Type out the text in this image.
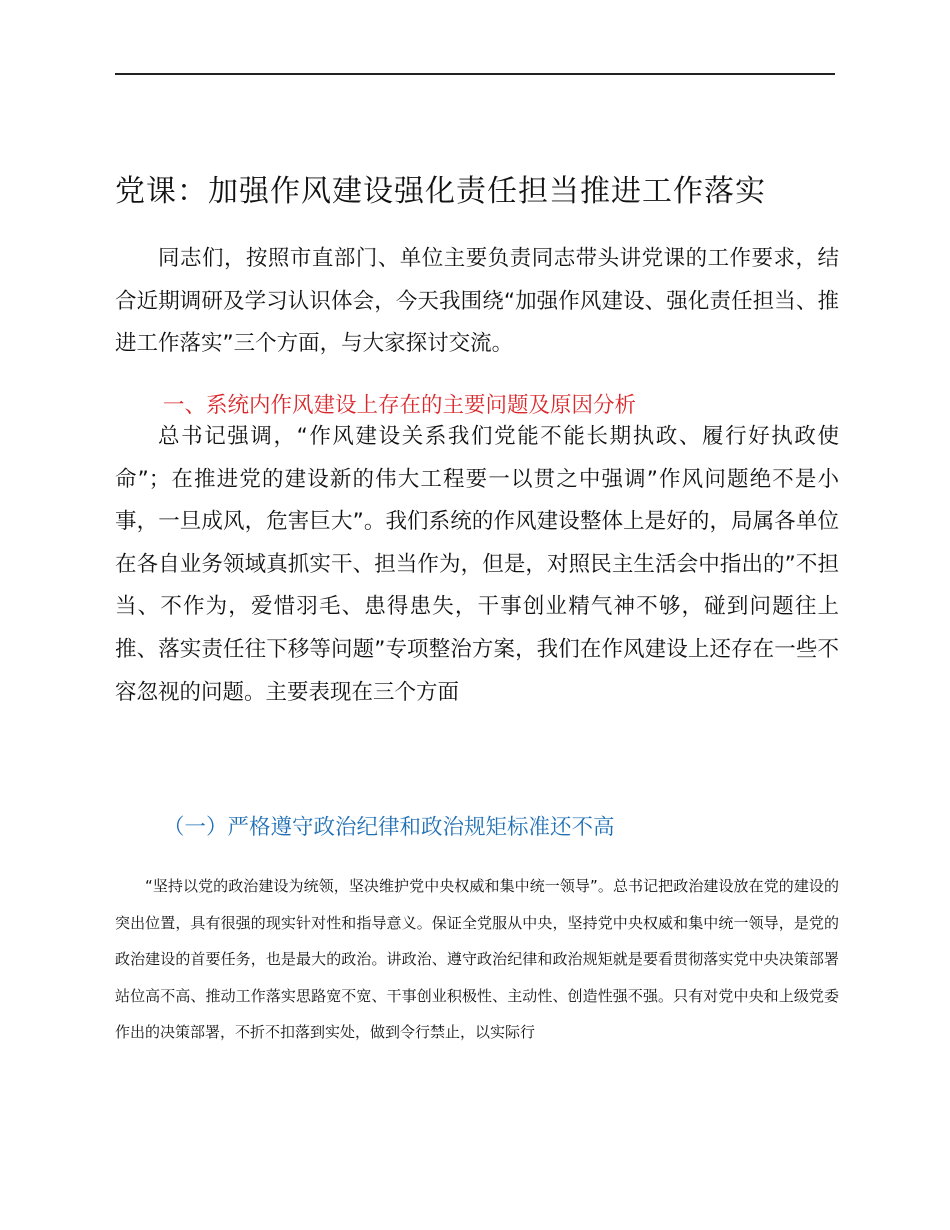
党课：加强作风建设强化责任担当推进工作落实

同志们，按照市直部门、单位主要负责同志带头讲党课的工作要求，结合近期调研及学习认识体会，今天我围绕“加强作风建设、强化责任担当、推进工作落实”三个方面，与大家探讨交流。

一、系统内作风建设上存在的主要问题及原因分析

总书记强调，“作风建设关系我们党能不能长期执政、履行好执政使命”；在推进党的建设新的伟大工程要一以贯之中强调”作风问题绝不是小事，一旦成风，危害巨大”。我们系统的作风建设整体上是好的，局属各单位在各自业务领域真抓实干、担当作为，但是，对照民主生活会中指出的”不担当、不作为，爱惜羽毛、患得患失，干事创业精气神不够，碰到问题往上推、落实责任往下移等问题”专项整治方案，我们在作风建设上还存在一些不容忽视的问题。主要表现在三个方面

（一）严格遵守政治纪律和政治规矩标准还不高

“坚持以党的政治建设为统领，坚决维护党中央权威和集中统一领导”。总书记把政治建设放在党的建设的突出位置，具有很强的现实针对性和指导意义。保证全党服从中央，坚持党中央权威和集中统一领导，是党的政治建设的首要任务，也是最大的政治。讲政治、遵守政治纪律和政治规矩就是要看贯彻落实党中央决策部署站位高不高、推动工作落实思路宽不宽、干事创业积极性、主动性、创造性强不强。只有对党中央和上级党委作出的决策部署，不折不扣落到实处，做到令行禁止，以实际行
